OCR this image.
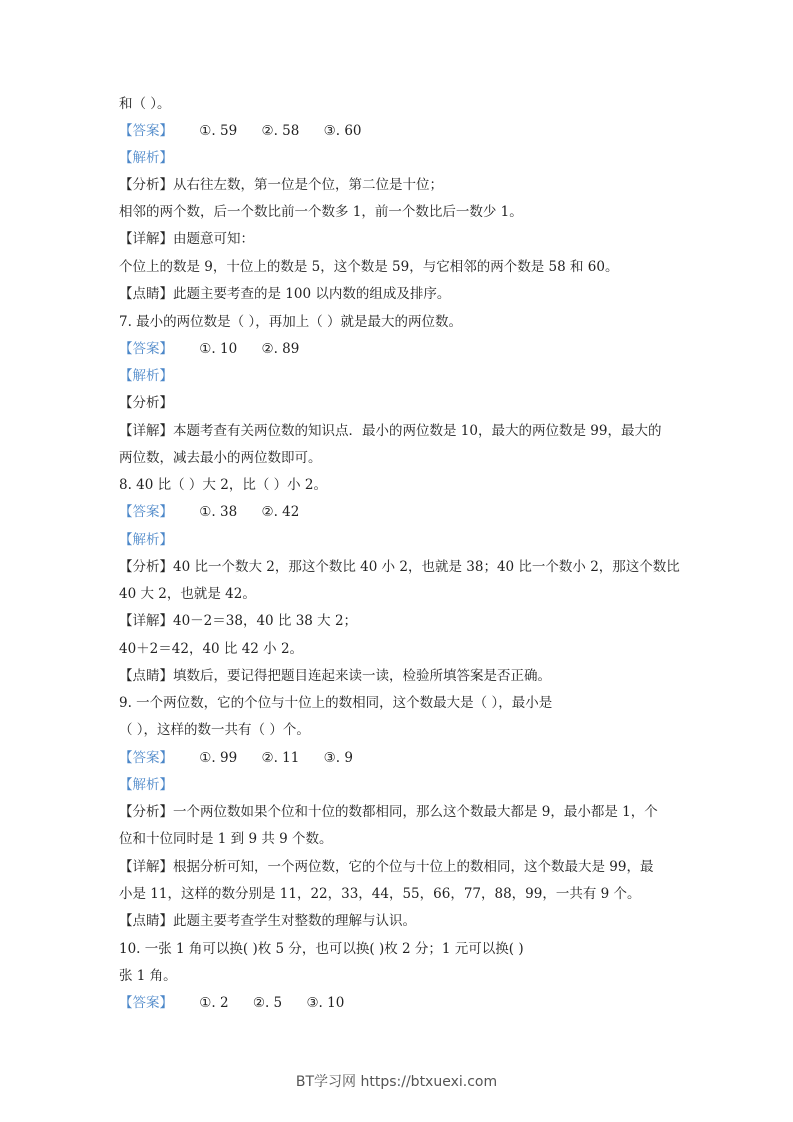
和（ ）。
【答案】 ①. 59 ②. 58 ③. 60
【解析】
【分析】从右往左数，第一位是个位，第二位是十位；
相邻的两个数，后一个数比前一个数多 1，前一个数比后一数少 1。
【详解】由题意可知：
个位上的数是 9，十位上的数是 5，这个数是 59，与它相邻的两个数是 58 和 60。
【点睛】此题主要考查的是 100 以内数的组成及排序。
7. 最小的两位数是（ ），再加上（ ）就是最大的两位数。
【答案】 ①. 10 ②. 89
【解析】
【分析】
【详解】本题考查有关两位数的知识点．最小的两位数是 10，最大的两位数是 99，最大的
两位数，减去最小的两位数即可。
8. 40 比（ ）大 2，比（ ）小 2。
【答案】 ①. 38 ②. 42
【解析】
【分析】40 比一个数大 2，那这个数比 40 小 2，也就是 38；40 比一个数小 2，那这个数比
40 大 2，也就是 42。
【详解】40－2＝38，40 比 38 大 2；
40＋2＝42，40 比 42 小 2。
【点睛】填数后，要记得把题目连起来读一读，检验所填答案是否正确。
9. 一个两位数，它的个位与十位上的数相同，这个数最大是（ ），最小是
（ ），这样的数一共有（ ）个。
【答案】 ①. 99 ②. 11 ③. 9
【解析】
【分析】一个两位数如果个位和十位的数都相同，那么这个数最大都是 9，最小都是 1，个
位和十位同时是 1 到 9 共 9 个数。
【详解】根据分析可知，一个两位数，它的个位与十位上的数相同，这个数最大是 99，最
小是 11，这样的数分别是 11，22，33，44，55，66，77，88，99，一共有 9 个。
【点睛】此题主要考查学生对整数的理解与认识。
10. 一张 1 角可以换( )枚 5 分，也可以换( )枚 2 分；1 元可以换( )
张 1 角。
【答案】 ①. 2 ②. 5 ③. 10
BT学习网 https://btxuexi.com
